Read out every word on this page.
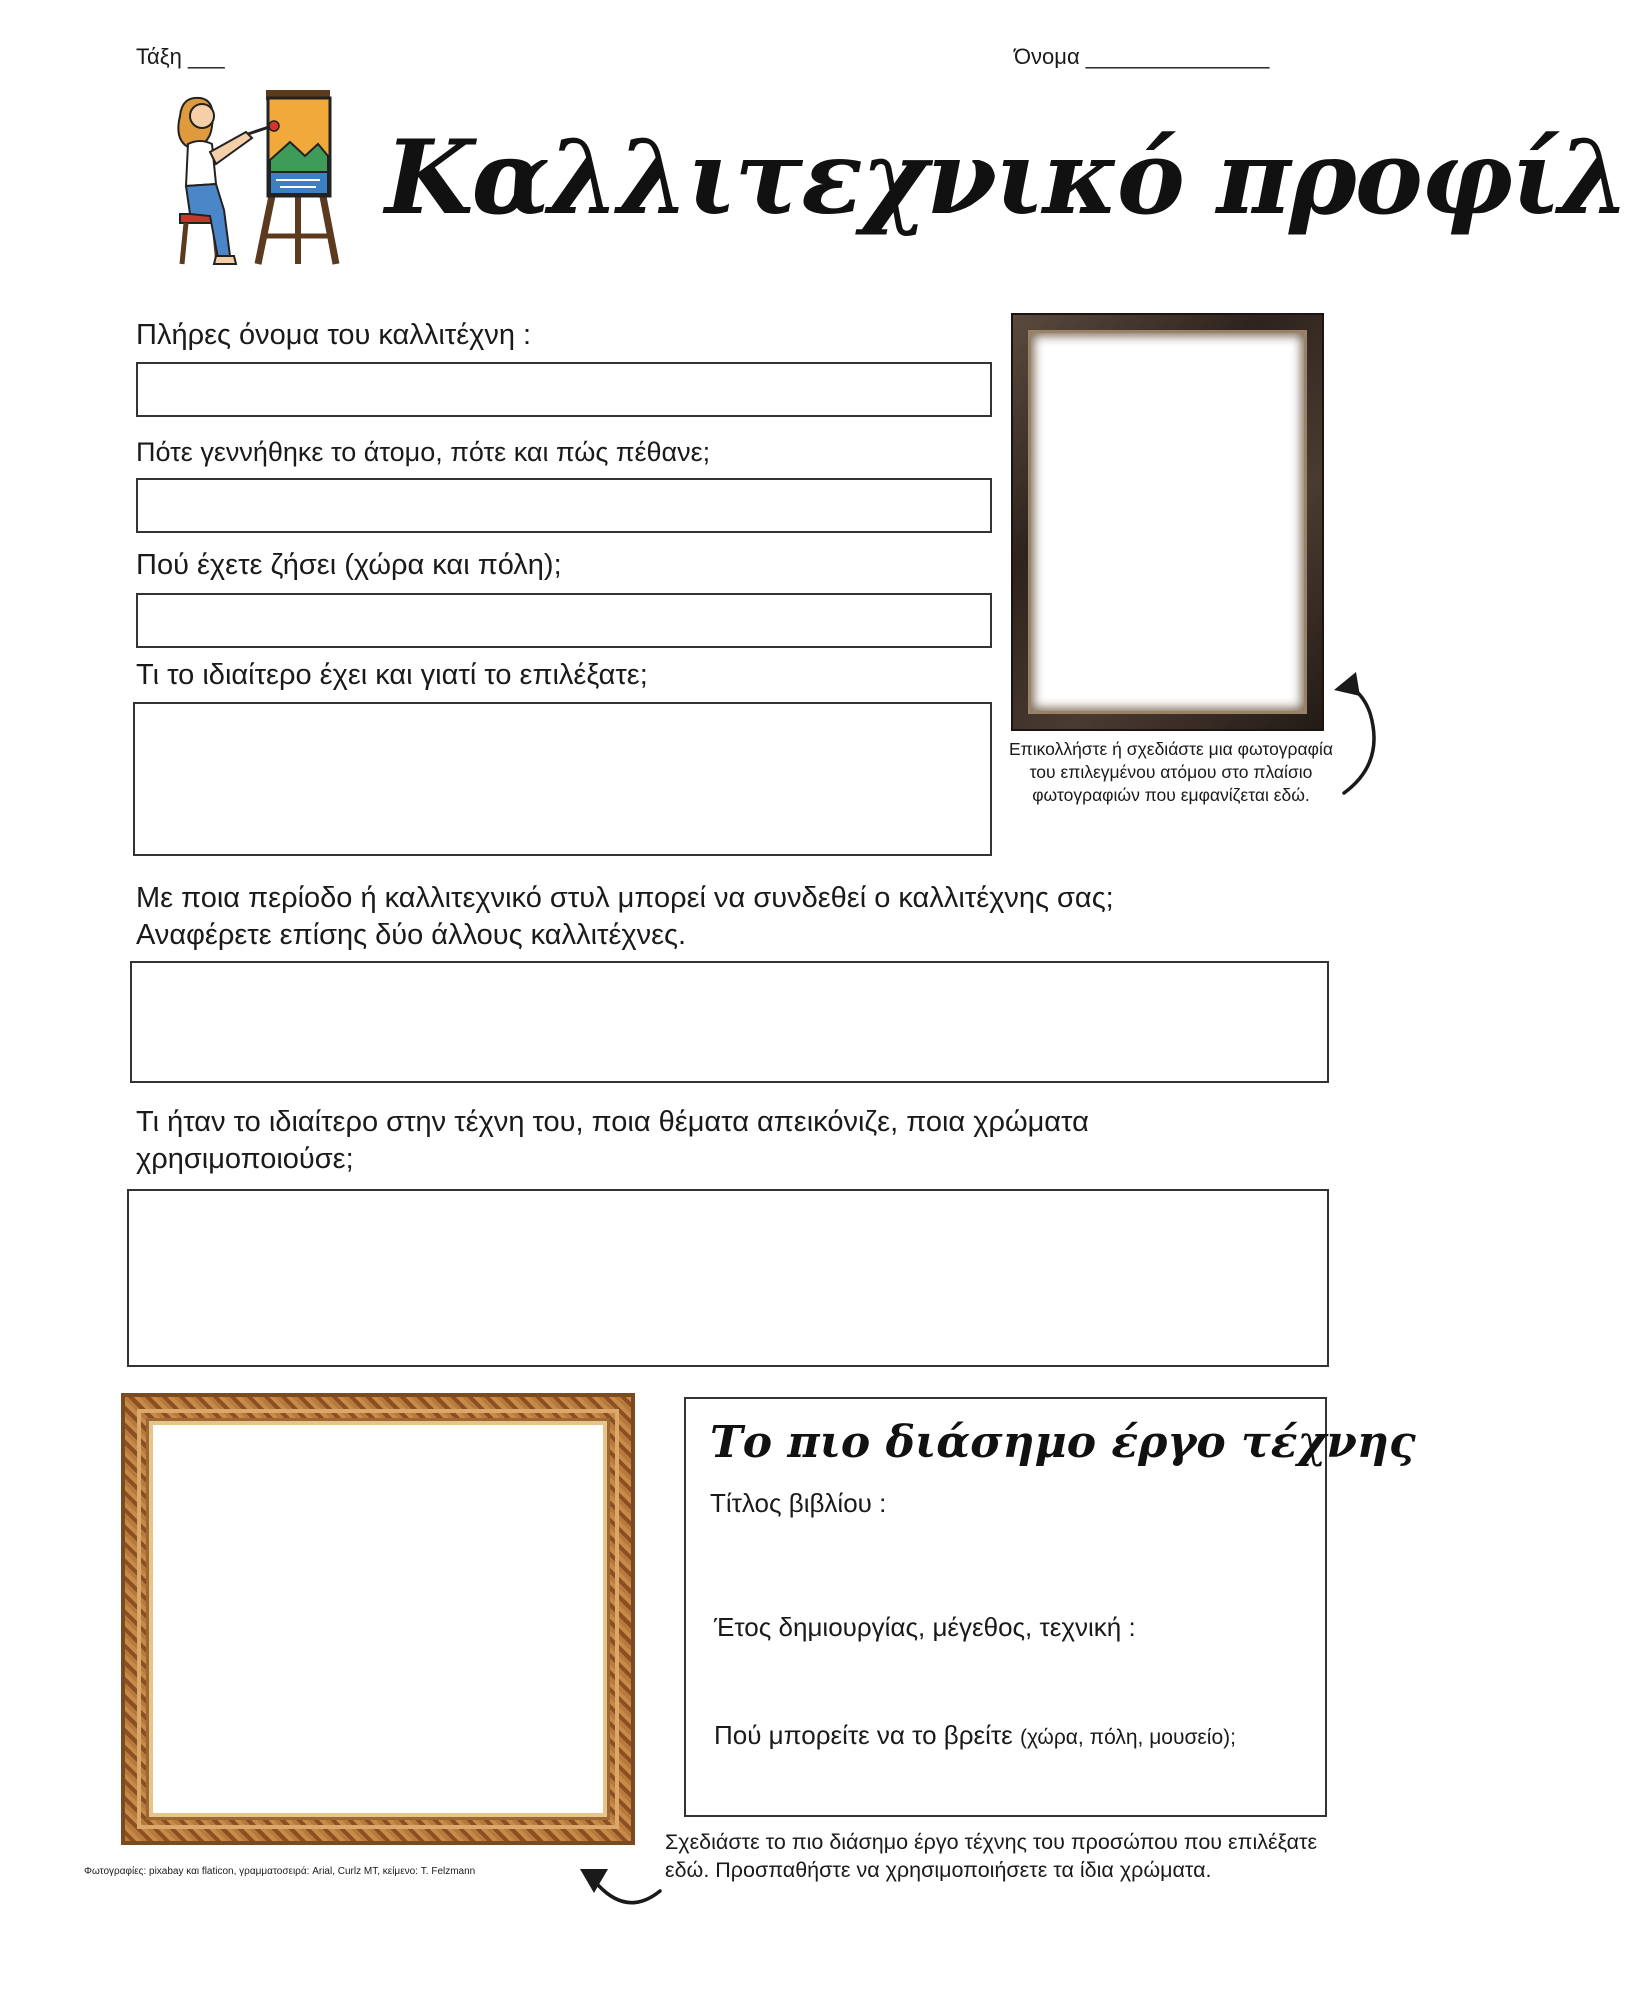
Τάξη ___	Όνομα _______________
Καλλιτεχνικό προφίλ
Πλήρες όνομα του καλλιτέχνη :
Πότε γεννήθηκε το άτομο, πότε και πώς πέθανε;
Πού έχετε ζήσει (χώρα και πόλη);
Τι το ιδιαίτερο έχει και γιατί το επιλέξατε;
Επικολλήστε ή σχεδιάστε μια φωτογραφία
του επιλεγμένου ατόμου στο πλαίσιο
φωτογραφιών που εμφανίζεται εδώ.
Με ποια περίοδο ή καλλιτεχνικό στυλ μπορεί να συνδεθεί ο καλλιτέχνης σας;
Αναφέρετε επίσης δύο άλλους καλλιτέχνες.
Τι ήταν το ιδιαίτερο στην τέχνη του, ποια θέματα απεικόνιζε, ποια χρώματα
χρησιμοποιούσε;
Το πιο διάσημο έργο τέχνης
Τίτλος βιβλίου :
Έτος δημιουργίας, μέγεθος, τεχνική :
Πού μπορείτε να το βρείτε (χώρα, πόλη, μουσείο);
Σχεδιάστε το πιο διάσημο έργο τέχνης του προσώπου που επιλέξατε
εδώ. Προσπαθήστε να χρησιμοποιήσετε τα ίδια χρώματα.
Φωτογραφίες: pixabay και flaticon, γραμματοσειρά: Arial, Curlz MT, κείμενο: T. Felzmann
